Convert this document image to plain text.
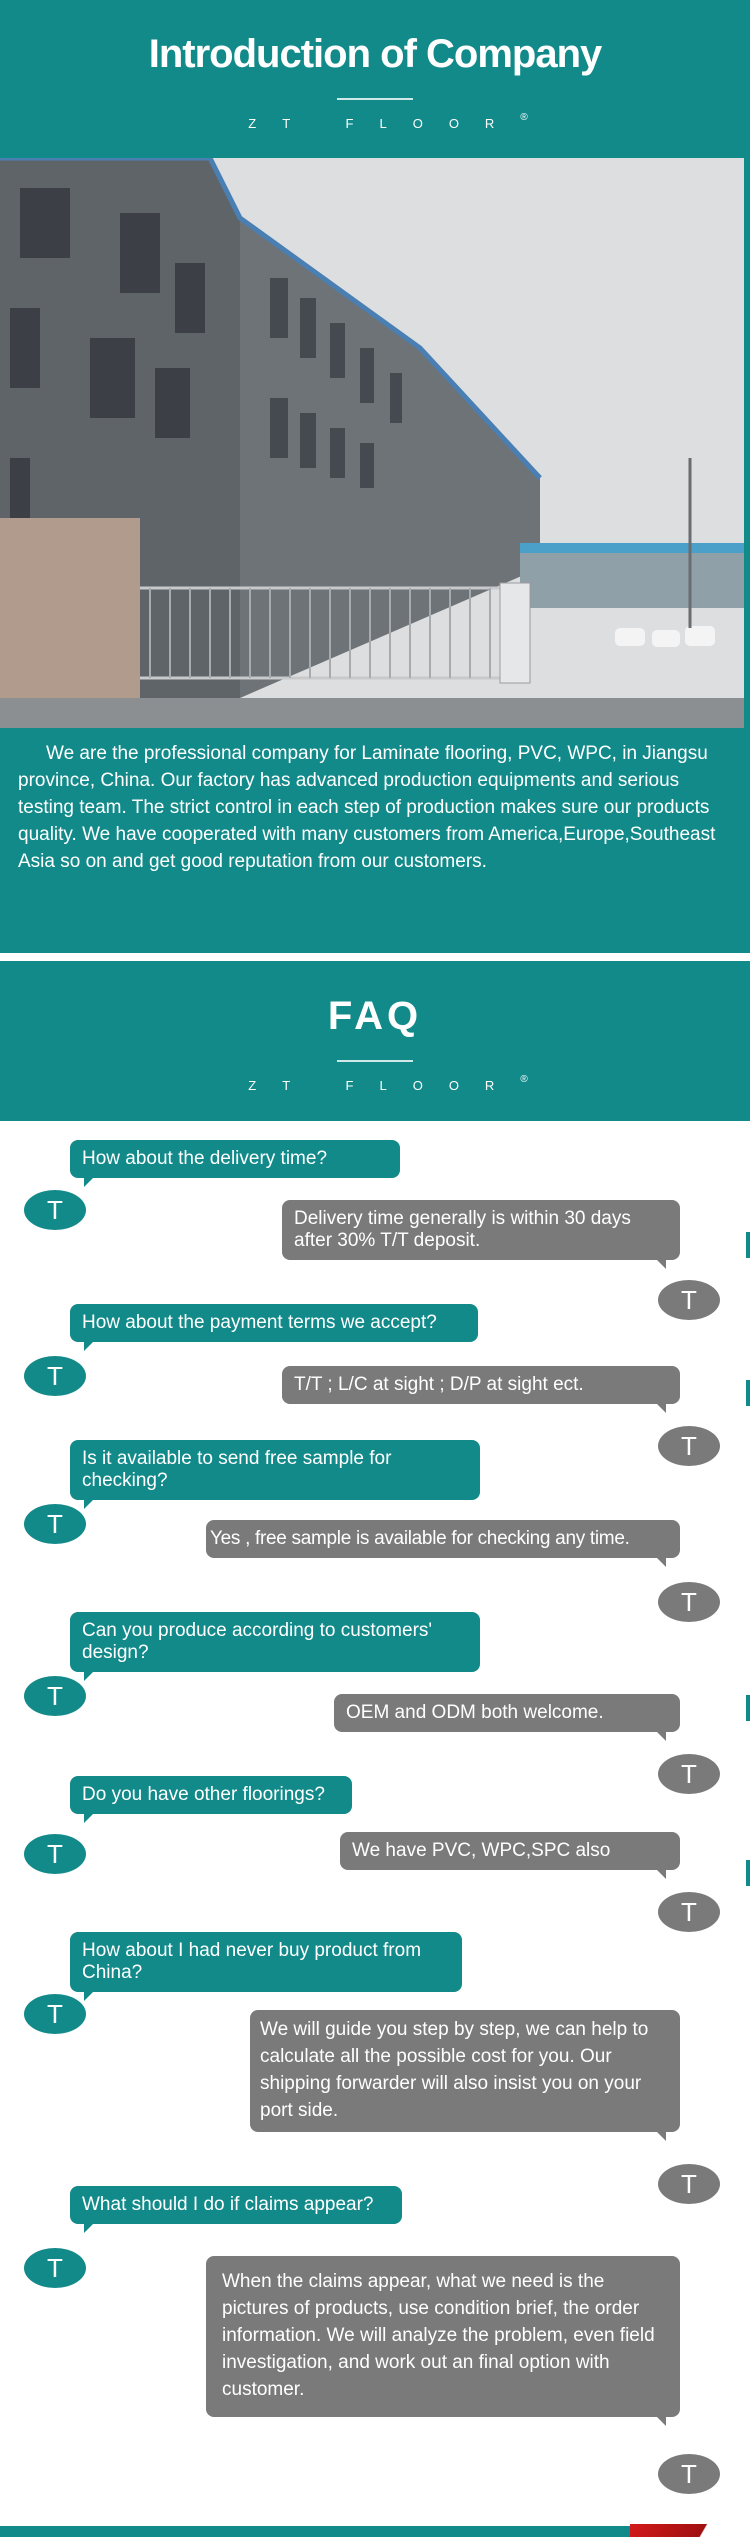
Introduction of Company
ZT FLOOR®
We are the professional company for Laminate flooring, PVC, WPC, in Jiangsu province, China. Our factory has advanced production equipments and serious testing team. The strict control in each step of production makes sure our products quality. We have cooperated with many customers from America,Europe,Southeast Asia so on and get good reputation from our customers.
FAQ
ZT FLOOR®
How about the delivery time?
T	Delivery time generally is within 30 days after 30% T/T deposit.
T
How about the payment terms we accept?
T	T/T ; L/C at sight ; D/P at sight ect.
T
Is it available to send free sample for checking?
T	Yes , free sample is available for checking any time.
T
Can you produce according to customers' design?
T
OEM and ODM both welcome.
T
Do you have other floorings?
T	We have PVC, WPC,SPC also
T
How about I had never buy product from China?
T
We will guide you step by step, we can help to calculate all the possible cost for you. Our shipping forwarder will also insist you on your port side.
T
What should I do if claims appear?
T	When the claims appear, what we need is the pictures of products, use condition brief, the order information. We will analyze the problem, even field investigation, and work out an final option with customer.
T
